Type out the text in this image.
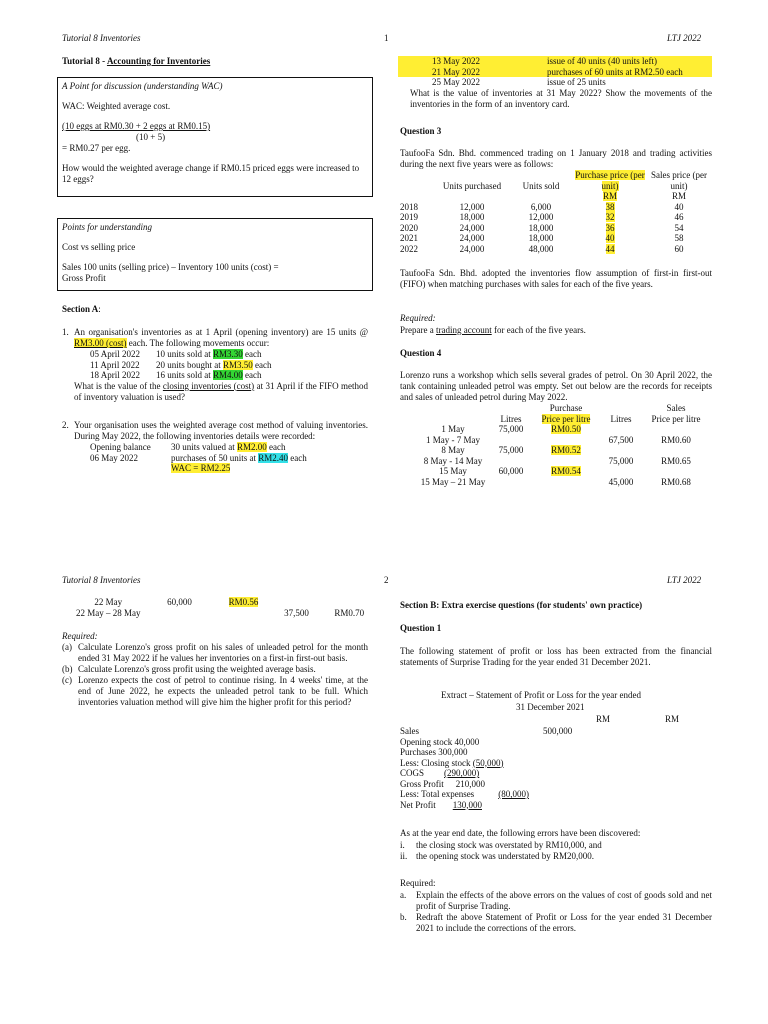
Tutorial 8 Inventories	1	LTJ 2022
Tutorial 8 - Accounting for Inventories
A Point for discussion (understanding WAC)
WAC: Weighted average cost.
(10 eggs at RM0.30 + 2 eggs at RM0.15)
(10 + 5)
= RM0.27 per egg.
How would the weighted average change if RM0.15 priced eggs were increased to 12 eggs?
Points for understanding
Cost vs selling price
Sales 100 units (selling price) – Inventory 100 units (cost) =
Gross Profit
Section A:
1. An organisation's inventories as at 1 April (opening inventory) are 15 units @ RM3.00 (cost) each. The following movements occur:
05 April 2022	10 units sold at RM3.30 each
11 April 2022	20 units bought at RM3.50 each
18 April 2022	16 units sold at RM4.00 each
What is the value of the closing inventories (cost) at 31 April if the FIFO method of inventory valuation is used?
2. Your organisation uses the weighted average cost method of valuing inventories. During May 2022, the following inventories details were recorded:
Opening balance	30 units valued at RM2.00 each
06 May 2022	purchases of 50 units at RM2.40 each
	WAC = RM2.25
13 May 2022	issue of 40 units (40 units left)
21 May 2022	purchases of 60 units at RM2.50 each
25 May 2022	issue of 25 units
What is the value of inventories at 31 May 2022? Show the movements of the inventories in the form of an inventory card.
Question 3
TaufooFa Sdn. Bhd. commenced trading on 1 January 2018 and trading activities during the next five years were as follows:
	Units purchased	Units sold	Purchase price (per unit)	Sales price (per unit)
			RM	RM
2018	12,000	6,000	38	40
2019	18,000	12,000	32	46
2020	24,000	18,000	36	54
2021	24,000	18,000	40	58
2022	24,000	48,000	44	60
TaufooFa Sdn. Bhd. adopted the inventories flow assumption of first-in first-out (FIFO) when matching purchases with sales for each of the five years.
Required:
Prepare a trading account for each of the five years.
Question 4
Lorenzo runs a workshop which sells several grades of petrol. On 30 April 2022, the tank containing unleaded petrol was empty. Set out below are the records for receipts and sales of unleaded petrol during May 2022.
		Purchase		Sales
	Litres	Price per litre	Litres	Price per litre
1 May	75,000	RM0.50		
1 May - 7 May			67,500	RM0.60
8 May	75,000	RM0.52		
8 May - 14 May			75,000	RM0.65
15 May	60,000	RM0.54		
15 May – 21 May			45,000	RM0.68
Tutorial 8 Inventories	2	LTJ 2022
22 May	60,000	RM0.56		
22 May – 28 May			37,500	RM0.70
Required:
(a) Calculate Lorenzo's gross profit on his sales of unleaded petrol for the month ended 31 May 2022 if he values her inventories on a first-in first-out basis.
(b) Calculate Lorenzo's gross profit using the weighted average basis.
(c) Lorenzo expects the cost of petrol to continue rising. In 4 weeks' time, at the end of June 2022, he expects the unleaded petrol tank to be full. Which inventories valuation method will give him the higher profit for this period?
Section B: Extra exercise questions (for students' own practice)
Question 1
The following statement of profit or loss has been extracted from the financial statements of Surprise Trading for the year ended 31 December 2021.
Extract – Statement of Profit or Loss for the year ended
31 December 2021
RM	RM
Sales	500,000	
Opening stock 40,000		
Purchases 300,000		
Less: Closing stock (50,000)		
COGS (290,000)		
Gross Profit 210,000		
Less: Total expenses (80,000)		
Net Profit 130,000		
As at the year end date, the following errors have been discovered:
i. the closing stock was overstated by RM10,000, and
ii. the opening stock was understated by RM20,000.
Required:
a. Explain the effects of the above errors on the values of cost of goods sold and net profit of Surprise Trading.
b. Redraft the above Statement of Profit or Loss for the year ended 31 December 2021 to include the corrections of the errors.
